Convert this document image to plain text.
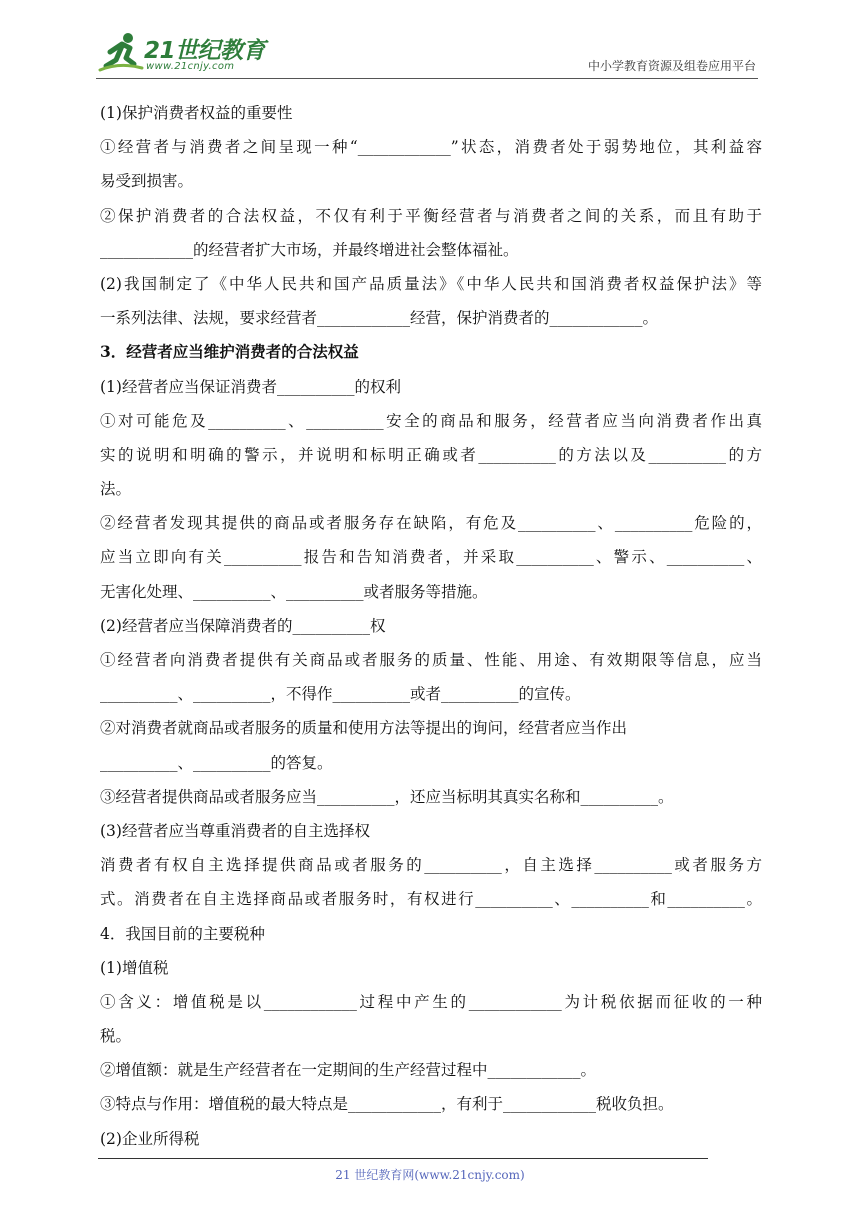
21世纪教育
www.21cnjy.com	中小学教育资源及组卷应用平台
(1)保护消费者权益的重要性
①经营者与消费者之间呈现一种“____________”状态，消费者处于弱势地位，其利益容
易受到损害。
②保护消费者的合法权益，不仅有利于平衡经营者与消费者之间的关系，而且有助于
____________的经营者扩大市场，并最终增进社会整体福祉。
(2)我国制定了《中华人民共和国产品质量法》《中华人民共和国消费者权益保护法》等
一系列法律、法规，要求经营者____________经营，保护消费者的____________。
3．经营者应当维护消费者的合法权益
(1)经营者应当保证消费者__________的权利
①对可能危及__________、__________安全的商品和服务，经营者应当向消费者作出真
实的说明和明确的警示，并说明和标明正确或者__________的方法以及__________的方
法。
②经营者发现其提供的商品或者服务存在缺陷，有危及__________、__________危险的，
应当立即向有关__________报告和告知消费者，并采取__________、警示、__________、
无害化处理、__________、__________或者服务等措施。
(2)经营者应当保障消费者的__________权
①经营者向消费者提供有关商品或者服务的质量、性能、用途、有效期限等信息，应当
__________、__________，不得作__________或者__________的宣传。
②对消费者就商品或者服务的质量和使用方法等提出的询问，经营者应当作出
__________、__________的答复。
③经营者提供商品或者服务应当__________，还应当标明其真实名称和__________。
(3)经营者应当尊重消费者的自主选择权
消费者有权自主选择提供商品或者服务的__________，自主选择__________或者服务方
式。消费者在自主选择商品或者服务时，有权进行__________、__________和__________。
4．我国目前的主要税种
(1)增值税
①含义：增值税是以____________过程中产生的____________为计税依据而征收的一种
税。
②增值额：就是生产经营者在一定期间的生产经营过程中____________。
③特点与作用：增值税的最大特点是____________，有利于____________税收负担。
(2)企业所得税
21 世纪教育网(www.21cnjy.com)
